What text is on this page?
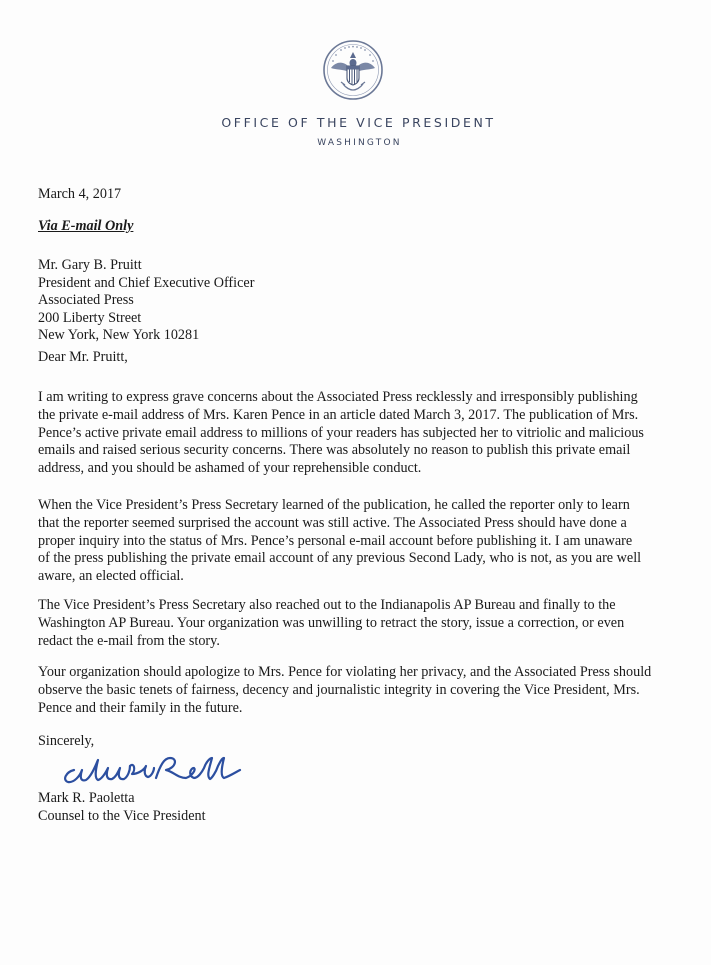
OFFICE OF THE VICE PRESIDENT
WASHINGTON
March 4, 2017
Via E-mail Only
Mr. Gary B. Pruitt
President and Chief Executive Officer
Associated Press
200 Liberty Street
New York, New York 10281
Dear Mr. Pruitt,
I am writing to express grave concerns about the Associated Press recklessly and irresponsibly publishing
the private e-mail address of Mrs. Karen Pence in an article dated March 3, 2017. The publication of Mrs.
Pence’s active private email address to millions of your readers has subjected her to vitriolic and malicious
emails and raised serious security concerns. There was absolutely no reason to publish this private email
address, and you should be ashamed of your reprehensible conduct.
When the Vice President’s Press Secretary learned of the publication, he called the reporter only to learn
that the reporter seemed surprised the account was still active. The Associated Press should have done a
proper inquiry into the status of Mrs. Pence’s personal e-mail account before publishing it. I am unaware
of the press publishing the private email account of any previous Second Lady, who is not, as you are well
aware, an elected official.
The Vice President’s Press Secretary also reached out to the Indianapolis AP Bureau and finally to the
Washington AP Bureau. Your organization was unwilling to retract the story, issue a correction, or even
redact the e-mail from the story.
Your organization should apologize to Mrs. Pence for violating her privacy, and the Associated Press should
observe the basic tenets of fairness, decency and journalistic integrity in covering the Vice President, Mrs.
Pence and their family in the future.
Sincerely,
Mark R. Paoletta
Counsel to the Vice President
